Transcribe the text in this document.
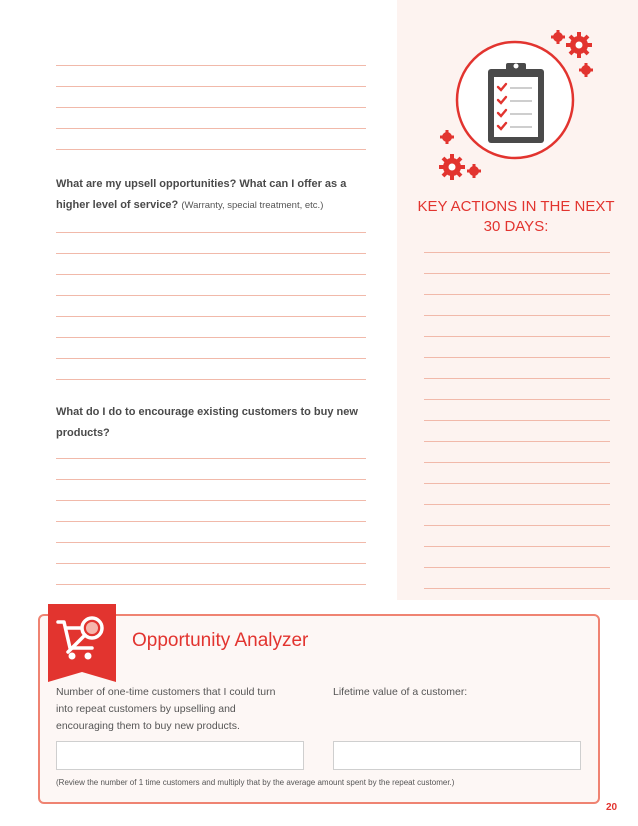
What are my upsell opportunities? What can I offer as a higher level of service? (Warranty, special treatment, etc.)
What do I do to encourage existing customers to buy new products?
KEY ACTIONS IN THE NEXT 30 DAYS:
Opportunity Analyzer
Number of one-time customers that I could turn into repeat customers by upselling and encouraging them to buy new products.
Lifetime value of a customer:
(Review the number of 1 time customers and multiply that by the average amount spent by the repeat customer.)
20
